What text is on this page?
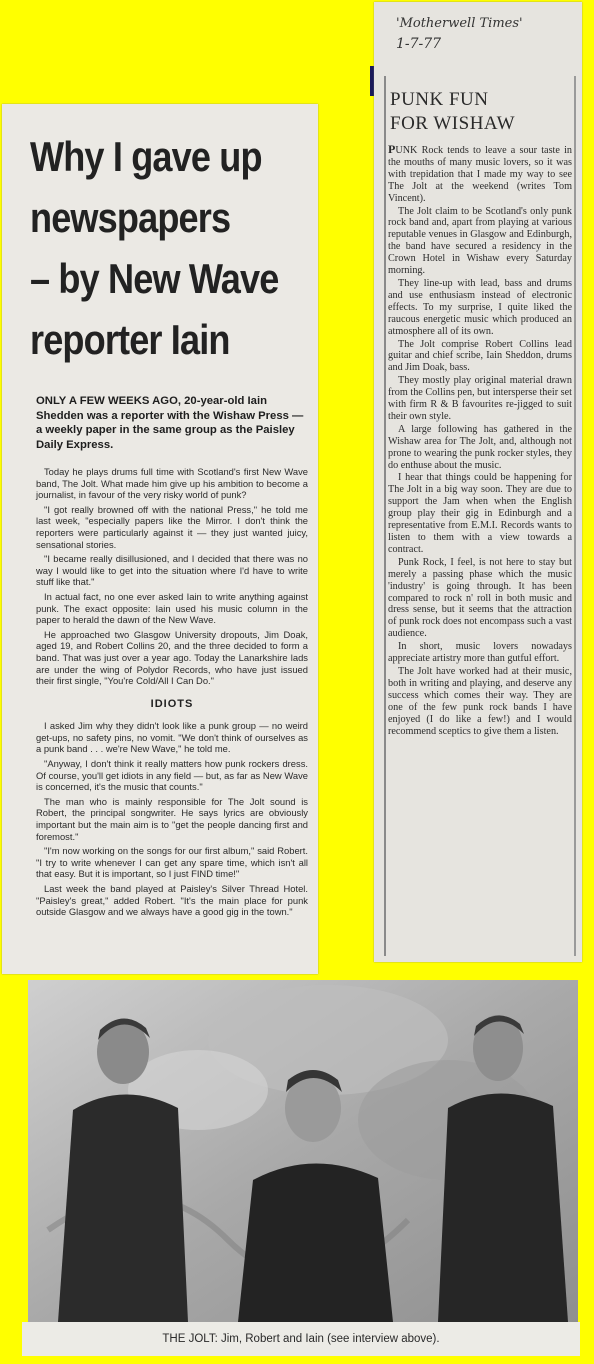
Why I gave up
newspapers
– by New Wave
reporter Iain
ONLY A FEW WEEKS AGO, 20-year-old Iain Shedden was a reporter with the Wishaw Press — a weekly paper in the same group as the Paisley Daily Express.

Today he plays drums full time with Scotland's first New Wave band, The Jolt. What made him give up his ambition to become a journalist, in favour of the very risky world of punk?

"I got really browned off with the national Press," he told me last week, "especially papers like the Mirror. I don't think the reporters were particularly against it — they just wanted juicy, sensational stories.

"I became really disillusioned, and I decided that there was no way I would like to get into the situation where I'd have to write stuff like that."

In actual fact, no one ever asked Iain to write anything against punk. The exact opposite: Iain used his music column in the paper to herald the dawn of the New Wave.

He approached two Glasgow University dropouts, Jim Doak, aged 19, and Robert Collins 20, and the three decided to form a band. That was just over a year ago. Today the Lanarkshire lads are under the wing of Polydor Records, who have just issued their first single, "You're Cold/All I Can Do."

IDIOTS

I asked Jim why they didn't look like a punk group — no weird get-ups, no safety pins, no vomit. "We don't think of ourselves as a punk band . . . we're New Wave," he told me.

"Anyway, I don't think it really matters how punk rockers dress. Of course, you'll get idiots in any field — but, as far as New Wave is concerned, it's the music that counts."

The man who is mainly responsible for The Jolt sound is Robert, the principal songwriter. He says lyrics are obviously important but the main aim is to "get the people dancing first and foremost."

"I'm now working on the songs for our first album," said Robert. "I try to write whenever I can get any spare time, which isn't all that easy. But it is important, so I just FIND time!"

Last week the band played at Paisley's Silver Thread Hotel. "Paisley's great," added Robert. "It's the main place for punk outside Glasgow and we always have a good gig in the town."

'Motherwell Times'
1-7-77
PUNK FUN
FOR WISHAW

PUNK Rock tends to leave a sour taste in the mouths of many music lovers, so it was with trepidation that I made my way to see The Jolt at the weekend (writes Tom Vincent).

The Jolt claim to be Scotland's only punk rock band and, apart from playing at various reputable venues in Glasgow and Edinburgh, the band have secured a residency in the Crown Hotel in Wishaw every Saturday morning.

They line-up with lead, bass and drums and use enthusiasm instead of electronic effects. To my surprise, I quite liked the raucous energetic music which produced an atmosphere all of its own.

The Jolt comprise Robert Collins lead guitar and chief scribe, Iain Sheddon, drums and Jim Doak, bass.

They mostly play original material drawn from the Collins pen, but intersperse their set with firm R & B favourites re-jigged to suit their own style.

A large following has gathered in the Wishaw area for The Jolt, and, although not prone to wearing the punk rocker styles, they do enthuse about the music.

I hear that things could be happening for The Jolt in a big way soon. They are due to support the Jam when when the English group play their gig in Edinburgh and a representative from E.M.I. Records wants to listen to them with a view towards a contract.

Punk Rock, I feel, is not here to stay but merely a passing phase which the music 'industry' is going through. It has been compared to rock n' roll in both music and dress sense, but it seems that the attraction of punk rock does not encompass such a vast audience.

In short, music lovers nowadays appreciate artistry more than gutful effort.

The Jolt have worked had at their music, both in writing and playing, and deserve any success which comes their way. They are one of the few punk rock bands I have enjoyed (I do like a few!) and I would recommend sceptics to give them a listen.

THE JOLT: Jim, Robert and Iain (see interview above).
